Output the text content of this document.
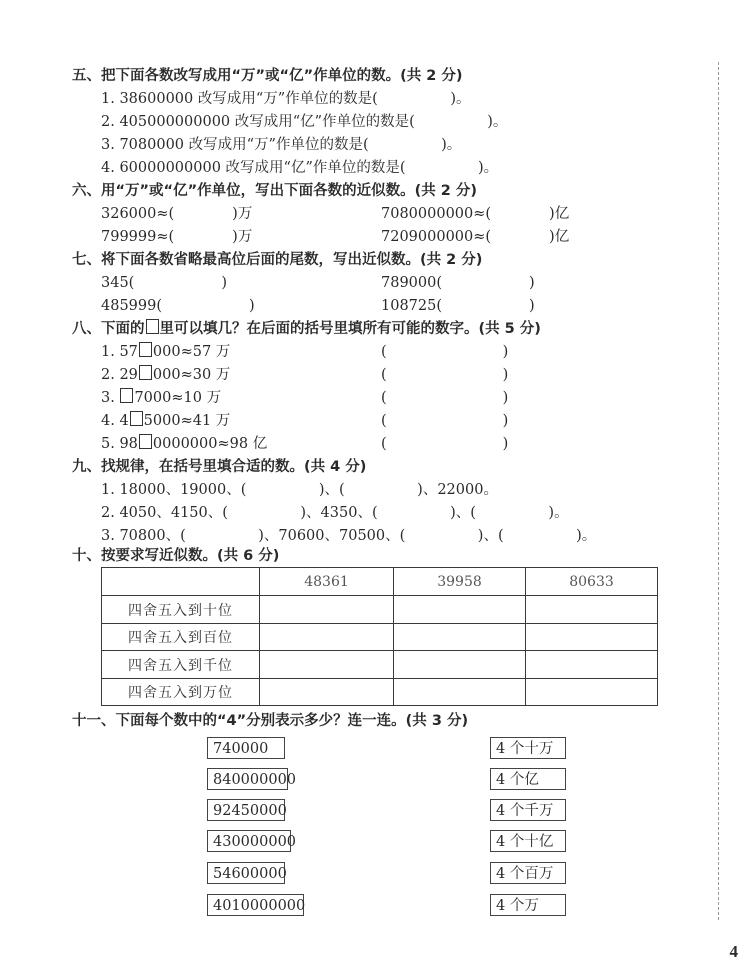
五、把下面各数改写成用“万”或“亿”作单位的数。(共 2 分)
1. 38600000 改写成用“万”作单位的数是(　　　　　)。
2. 405000000000 改写成用“亿”作单位的数是(　　　　　)。
3. 7080000 改写成用“万”作单位的数是(　　　　　)。
4. 60000000000 改写成用“亿”作单位的数是(　　　　　)。
六、用“万”或“亿”作单位，写出下面各数的近似数。(共 2 分)
326000≈(　　　　)万	7080000000≈(　　　　)亿
799999≈(　　　　)万	7209000000≈(　　　　)亿
七、将下面各数省略最高位后面的尾数，写出近似数。(共 2 分)
345(　　　　　　)	789000(　　　　　　)
485999(　　　　　　)	108725(　　　　　　)
八、下面的 里可以填几？在后面的括号里填所有可能的数字。(共 5 分)
1. 57 000≈57 万	(　　　　　　　　)
2. 29 000≈30 万	(　　　　　　　　)
3. 7000≈10 万	(　　　　　　　　)
4. 4 5000≈41 万	(　　　　　　　　)
5. 98 0000000≈98 亿	(　　　　　　　　)
九、找规律，在括号里填合适的数。(共 4 分)
1. 18000、19000、(　　　　　)、(　　　　　)、22000。
2. 4050、4150、(　　　　　)、4350、(　　　　　)、(　　　　　)。
3. 70800、(　　　　　)、70600、70500、(　　　　　)、(　　　　　)。
十、按要求写近似数。(共 6 分)
	48361	39958	80633
四舍五入到十位			
四舍五入到百位			
四舍五入到千位			
四舍五入到万位			
十一、下面每个数中的“4”分别表示多少？连一连。(共 3 分)
740000
840000000
92450000
430000000
54600000
4010000000
4 个十万
4 个亿
4 个千万
4 个十亿
4 个百万
4 个万
4
